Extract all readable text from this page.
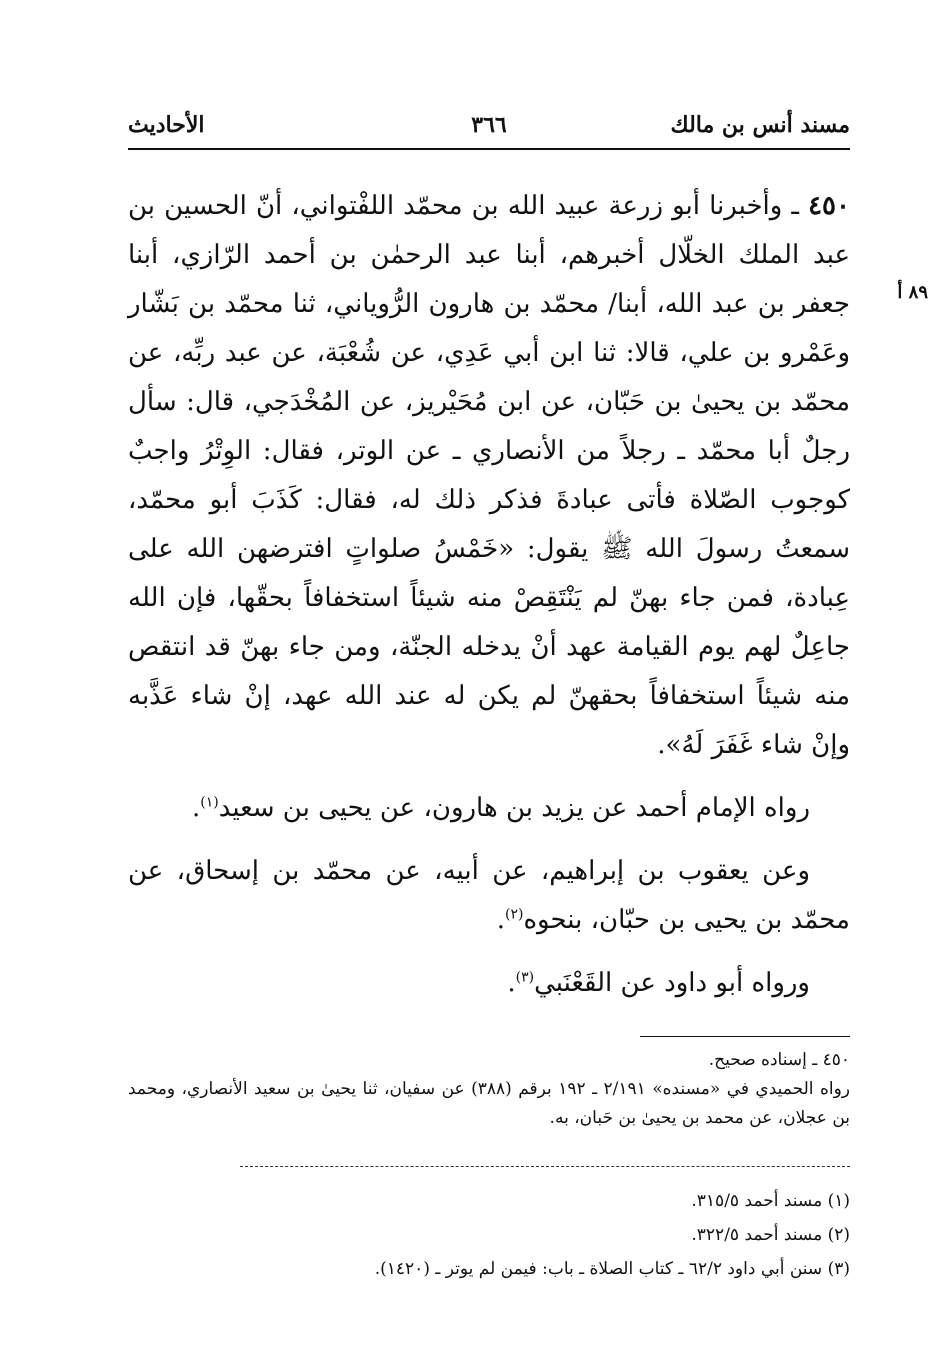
مسند أنس بن مالك
٣٦٦
الأحاديث
٨٩ أ

٤٥٠ ـ وأخبرنا أبو زرعة عبيد الله بن محمّد اللفْتواني، أنّ الحسين بن عبد الملك الخلّال أخبرهم، أبنا عبد الرحمٰن بن أحمد الرّازي، أبنا جعفر بن عبد الله، أبنا/ محمّد بن هارون الرُّوياني، ثنا محمّد بن بَشّار وعَمْرو بن علي، قالا: ثنا ابن أبي عَدِي، عن شُعْبَة، عن عبد ربِّه، عن محمّد بن يحيىٰ بن حَبّان، عن ابن مُحَيْريز، عن المُخْدَجي، قال: سأل رجلٌ أبا محمّد ـ رجلاً من الأنصاري ـ عن الوتر، فقال: الوِتْرُ واجبٌ كوجوب الصّلاة فأتى عبادةَ فذكر ذلك له، فقال: كَذَبَ أبو محمّد، سمعتُ رسولَ الله ﷺ يقول: «خَمْسُ صلواتٍ افترضهن الله على عِبادة، فمن جاء بهنّ لم يَنْتَقِصْ منه شيئاً استخفافاً بحقّها، فإن الله جاعِلٌ لهم يوم القيامة عهد أنْ يدخله الجنّة، ومن جاء بهنّ قد انتقص منه شيئاً استخفافاً بحقهنّ لم يكن له عند الله عهد، إنْ شاء عَذَّبه وإنْ شاء غَفَرَ لَهُ».

رواه الإمام أحمد عن يزيد بن هارون، عن يحيى بن سعيد$^{(١)}$.

وعن يعقوب بن إبراهيم، عن أبيه، عن محمّد بن إسحاق، عن محمّد بن يحيى بن حبّان، بنحوه$^{(٢)}$.

ورواه أبو داود عن القَعْنَبي$^{(٣)}$.

٤٥٠ ـ إسناده صحيح.

رواه الحميدي في «مسنده» ٢/١٩١ ـ ١٩٢ برقم (٣٨٨) عن سفيان، ثنا يحيىٰ بن سعيد الأنصاري، ومحمد بن عجلان، عن محمد بن يحيىٰ بن حَبان، به.

(١) مسند أحمد ٣١٥/٥.
(٢) مسند أحمد ٣٢٢/٥.
(٣) سنن أبي داود ٦٢/٢ ـ كتاب الصلاة ـ باب: فيمن لم يوتر ـ (١٤٢٠).
